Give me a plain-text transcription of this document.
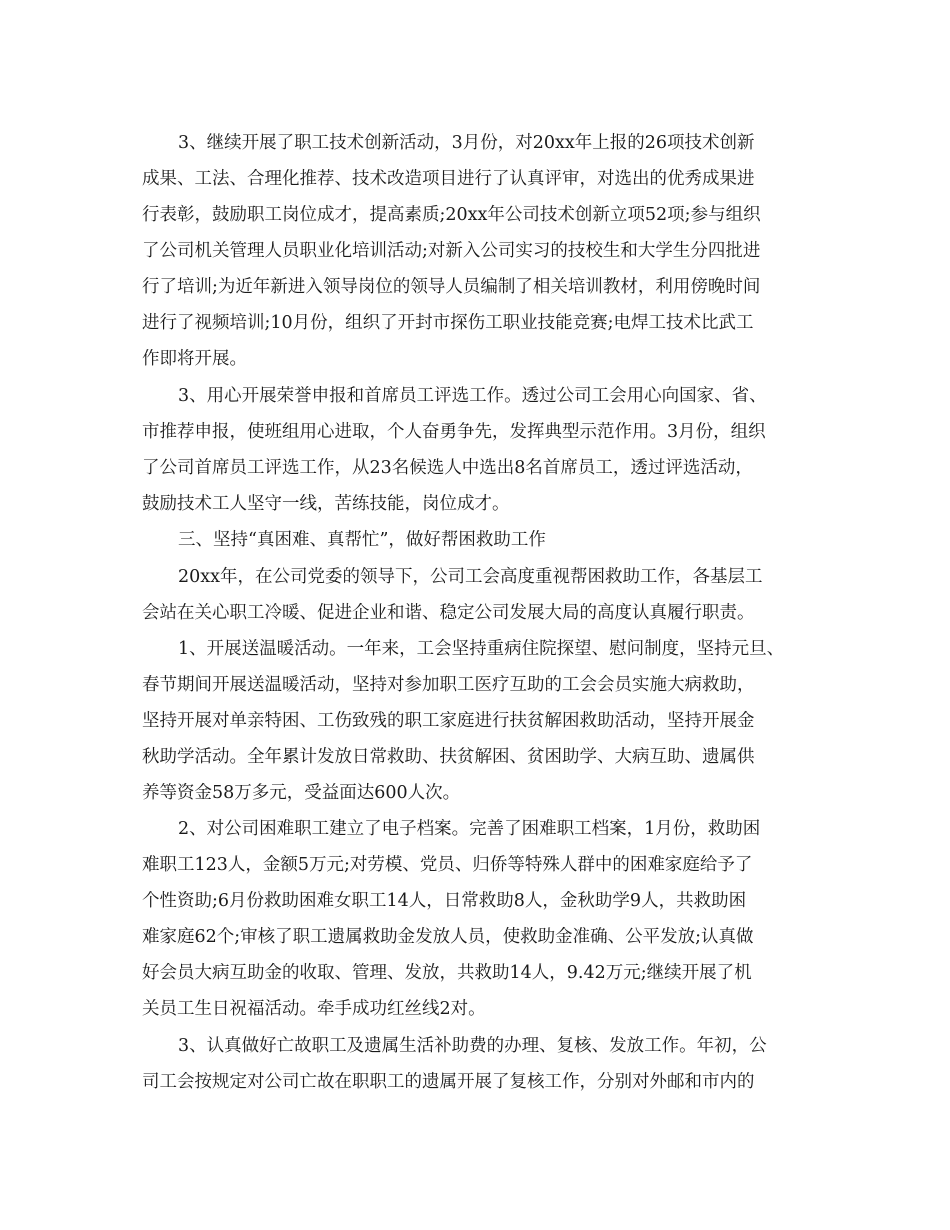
3、继续开展了职工技术创新活动，3月份，对20xx年上报的26项技术创新

成果、工法、合理化推荐、技术改造项目进行了认真评审，对选出的优秀成果进

行表彰，鼓励职工岗位成才，提高素质;20xx年公司技术创新立项52项;参与组织

了公司机关管理人员职业化培训活动;对新入公司实习的技校生和大学生分四批进

行了培训;为近年新进入领导岗位的领导人员编制了相关培训教材，利用傍晚时间

进行了视频培训;10月份，组织了开封市探伤工职业技能竞赛;电焊工技术比武工

作即将开展。

3、用心开展荣誉申报和首席员工评选工作。透过公司工会用心向国家、省、

市推荐申报，使班组用心进取，个人奋勇争先，发挥典型示范作用。3月份，组织

了公司首席员工评选工作，从23名候选人中选出8名首席员工，透过评选活动，

鼓励技术工人坚守一线，苦练技能，岗位成才。

三、坚持“真困难、真帮忙”，做好帮困救助工作

20xx年，在公司党委的领导下，公司工会高度重视帮困救助工作，各基层工

会站在关心职工冷暖、促进企业和谐、稳定公司发展大局的高度认真履行职责。

1、开展送温暖活动。一年来，工会坚持重病住院探望、慰问制度，坚持元旦、

春节期间开展送温暖活动，坚持对参加职工医疗互助的工会会员实施大病救助，

坚持开展对单亲特困、工伤致残的职工家庭进行扶贫解困救助活动，坚持开展金

秋助学活动。全年累计发放日常救助、扶贫解困、贫困助学、大病互助、遗属供

养等资金58万多元，受益面达600人次。

2、对公司困难职工建立了电子档案。完善了困难职工档案，1月份，救助困

难职工123人，金额5万元;对劳模、党员、归侨等特殊人群中的困难家庭给予了

个性资助;6月份救助困难女职工14人，日常救助8人，金秋助学9人，共救助困

难家庭62个;审核了职工遗属救助金发放人员，使救助金准确、公平发放;认真做

好会员大病互助金的收取、管理、发放，共救助14人，9.42万元;继续开展了机

关员工生日祝福活动。牵手成功红丝线2对。

3、认真做好亡故职工及遗属生活补助费的办理、复核、发放工作。年初，公

司工会按规定对公司亡故在职职工的遗属开展了复核工作，分别对外邮和市内的
